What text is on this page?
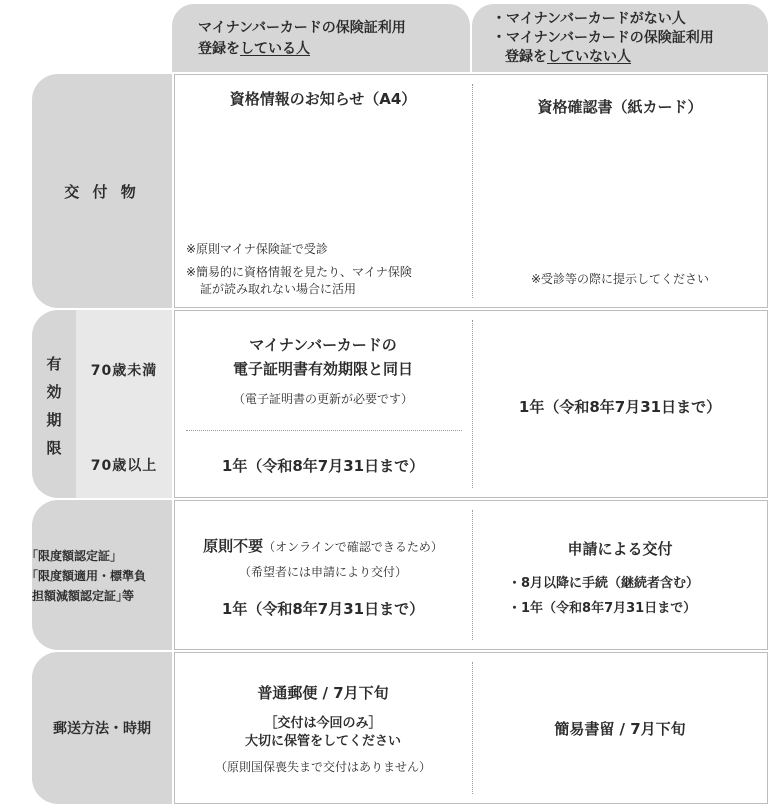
マイナンバーカードの保険証利用
登録をしている人
・マイナンバーカードがない人
・マイナンバーカードの保険証利用
登録をしていない人
交 付 物
資格情報のお知らせ（A4）
※原則マイナ保険証で受診
※簡易的に資格情報を見たり、マイナ保険
証が読み取れない場合に活用
資格確認書（紙カード）
※受診等の際に提示してください
有
効
期
限
70歳未満
70歳以上
マイナンバーカードの
電子証明書有効期限と同日
（電子証明書の更新が必要です）
1年（令和8年7月31日まで）
1年（令和8年7月31日まで）
｢限度額認定証｣
｢限度額適用・標準負
担額減額認定証｣等
原則不要（オンラインで確認できるため）
（希望者には申請により交付）
1年（令和8年7月31日まで）
申請による交付
・8月以降に手続（継続者含む）
・1年（令和8年7月31日まで）
郵送方法・時期
普通郵便 / 7月下旬
［交付は今回のみ］
大切に保管をしてください
（原則国保喪失まで交付はありません）
簡易書留 / 7月下旬
